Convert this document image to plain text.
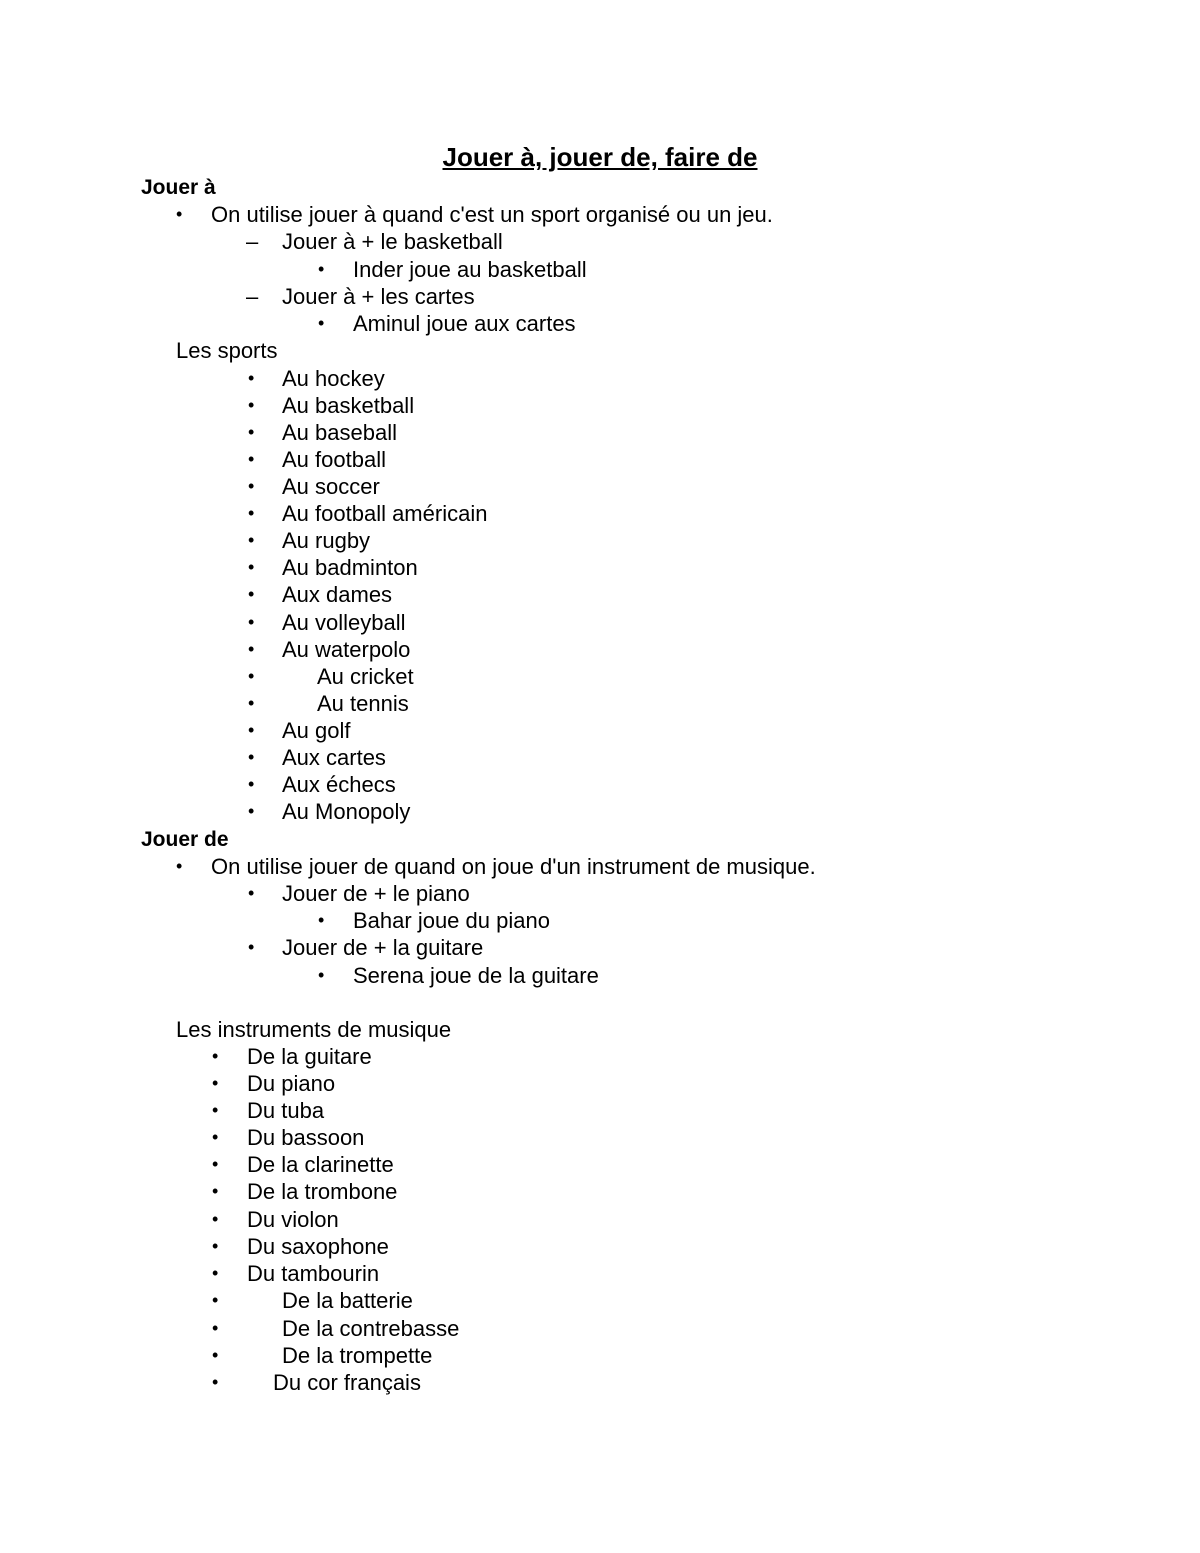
Jouer à, jouer de, faire de
Jouer à
• On utilise jouer à quand c'est un sport organisé ou un jeu.
– Jouer à + le basketball
• Inder joue au basketball
– Jouer à + les cartes
• Aminul joue aux cartes
Les sports
• Au hockey
• Au basketball
• Au baseball
• Au football
• Au soccer
• Au football américain
• Au rugby
• Au badminton
• Aux dames
• Au volleyball
• Au waterpolo
•	Au cricket
•	Au tennis
• Au golf
• Aux cartes
• Aux échecs
• Au Monopoly
Jouer de
• On utilise jouer de quand on joue d'un instrument de musique.
• Jouer de + le piano
• Bahar joue du piano
• Jouer de + la guitare
• Serena joue de la guitare
Les instruments de musique
• De la guitare
• Du piano
• Du tuba
• Du bassoon
• De la clarinette
• De la trombone
• Du violon
• Du saxophone
• Du tambourin
•	De la batterie
•	De la contrebasse
•	De la trompette
• Du cor français
